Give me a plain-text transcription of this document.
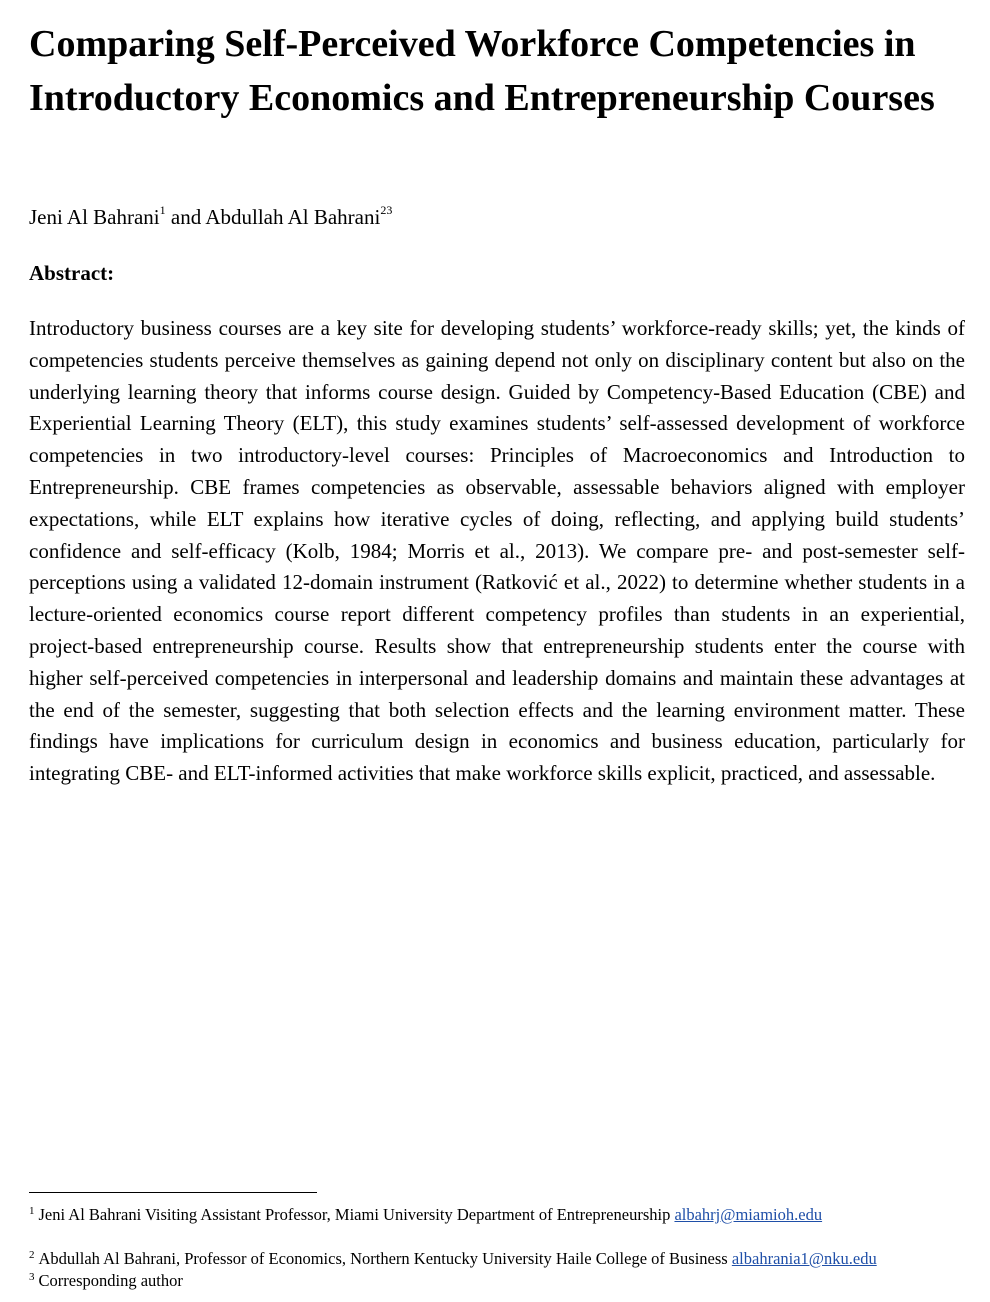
Comparing Self-Perceived Workforce Competencies in Introductory Economics and Entrepreneurship Courses
Jeni Al Bahrani$^1$ and Abdullah Al Bahrani$^{23}$
Abstract:

Introductory business courses are a key site for developing students’ workforce-ready skills; yet, the kinds of competencies students perceive themselves as gaining depend not only on disciplinary content but also on the underlying learning theory that informs course design. Guided by Competency-Based Education (CBE) and Experiential Learning Theory (ELT), this study examines students’ self-assessed development of workforce competencies in two introductory-level courses: Principles of Macroeconomics and Introduction to Entrepreneurship. CBE frames competencies as observable, assessable behaviors aligned with employer expectations, while ELT explains how iterative cycles of doing, reflecting, and applying build students’ confidence and self-efficacy (Kolb, 1984; Morris et al., 2013). We compare pre- and post-semester self-perceptions using a validated 12-domain instrument (Ratković et al., 2022) to determine whether students in a lecture-oriented economics course report different competency profiles than students in an experiential, project-based entrepreneurship course. Results show that entrepreneurship students enter the course with higher self-perceived competencies in interpersonal and leadership domains and maintain these advantages at the end of the semester, suggesting that both selection effects and the learning environment matter. These findings have implications for curriculum design in economics and business education, particularly for integrating CBE- and ELT-informed activities that make workforce skills explicit, practiced, and assessable.

$^1$ Jeni Al Bahrani Visiting Assistant Professor, Miami University Department of Entrepreneurship albahrj@miamioh.edu
$^2$ Abdullah Al Bahrani, Professor of Economics, Northern Kentucky University Haile College of Business albahrania1@nku.edu
$^3$ Corresponding author
